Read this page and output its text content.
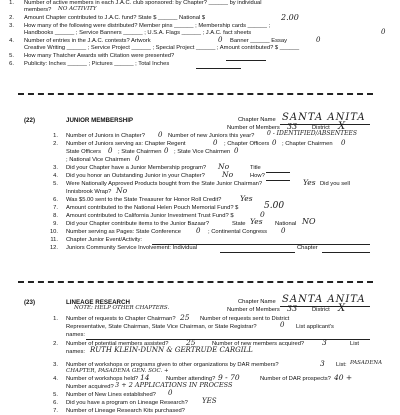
1. Number of active members in each J.A.C. club sponsored: by Chapter? ______ by individual
members? NO ACTIVITY
2. Amount Chapter contributed to J.A.C. fund? State $ ______ National $	2.00
3. How many of the following were distributed? Member pins ______ ; Membership cards ______ ;
Handbooks ______ ; Service Banners ______ ; U.S.A. Flags ______ ; J.A.C. fact sheets	0
4. Number of entries in the J.A.C. contests? Artwork	0 Banner ______ Essay	0
Creative Writing ______ ; Service Project ______ ; Special Project ______ ; Amount contributed? $ ______
5. How many Thatcher Awards with Citation were presented?
6. Publicity: Inches ______ ; Pictures ______ ; Total Inches
(22)	JUNIOR MEMBERSHIP	Chapter Name SANTA ANITA
Number of Members 33	District X
1. Number of Juniors in Chapter? 0 Number of new Juniors this year? 0 - IDENTIFIED/ABSENTEES
2. Number of Juniors serving as: Chapter Regent	0 ; Chapter Officers 0 ; Chapter Chairmen 0
State Officers 0 ; State Chairmen 0 ; State Vice Chairmen 0
; National Vice Chairmen 0
3. Did your Chapter have a Junior Membership program? No	Title
4. Did you honor an Outstanding Junior in your Chapter? No	How?
5. Were Nationally Approved Products bought from the State Junior Chairman?	Yes Did you sell
Innisbrook Wrap? No
6. Was $5.00 sent to the State Treasurer for Honor Roll Credit? Yes
7. Amount contributed to the National Helen Pouch Memorial Fund? $	5.00
8. Amount contributed to California Junior Investment Trust Fund? $	0
9. Did your Chapter contribute items to the Junior Bazaar?	State Yes National NO
10. Number serving as Pages: State Conference 0 ; Continental Congress 0
11. Chapter Junior Event/Activity:
12. Juniors Community Service Involvement: Individual	Chapter
(23)	LINEAGE RESEARCH
NOTE: HELP OTHER CHAPTERS.
Chapter Name SANTA ANITA
Number of Members 33	District X
1. Number of requests to Chapter Chairman? 25 Number of requests sent to District
Representative, State Chairman, State Vice Chairman, or State Registrar?	0 List applicant's
names:
2. Number of potential members assisted? 25	Number of new members acquired? 3	List
names: RUTH KLEIN-DUNN & GERTRUDE CARGILL
3. Number of workshops or programs given to other organizations by DAR members?	3 List: PASADENA
CHAPTER, PASADENA GEN. SOC. +
4. Number of workshops held? 14	Number attending? 9 - 70	Number of DAR prospects? 40 +
Number acquired? 3 + 2 APPLICATIONS IN PROCESS
5. Number of New Lines established? 0
6. Did you have a program on Lineage Research? YES
7. Number of Lineage Research Kits purchased?
